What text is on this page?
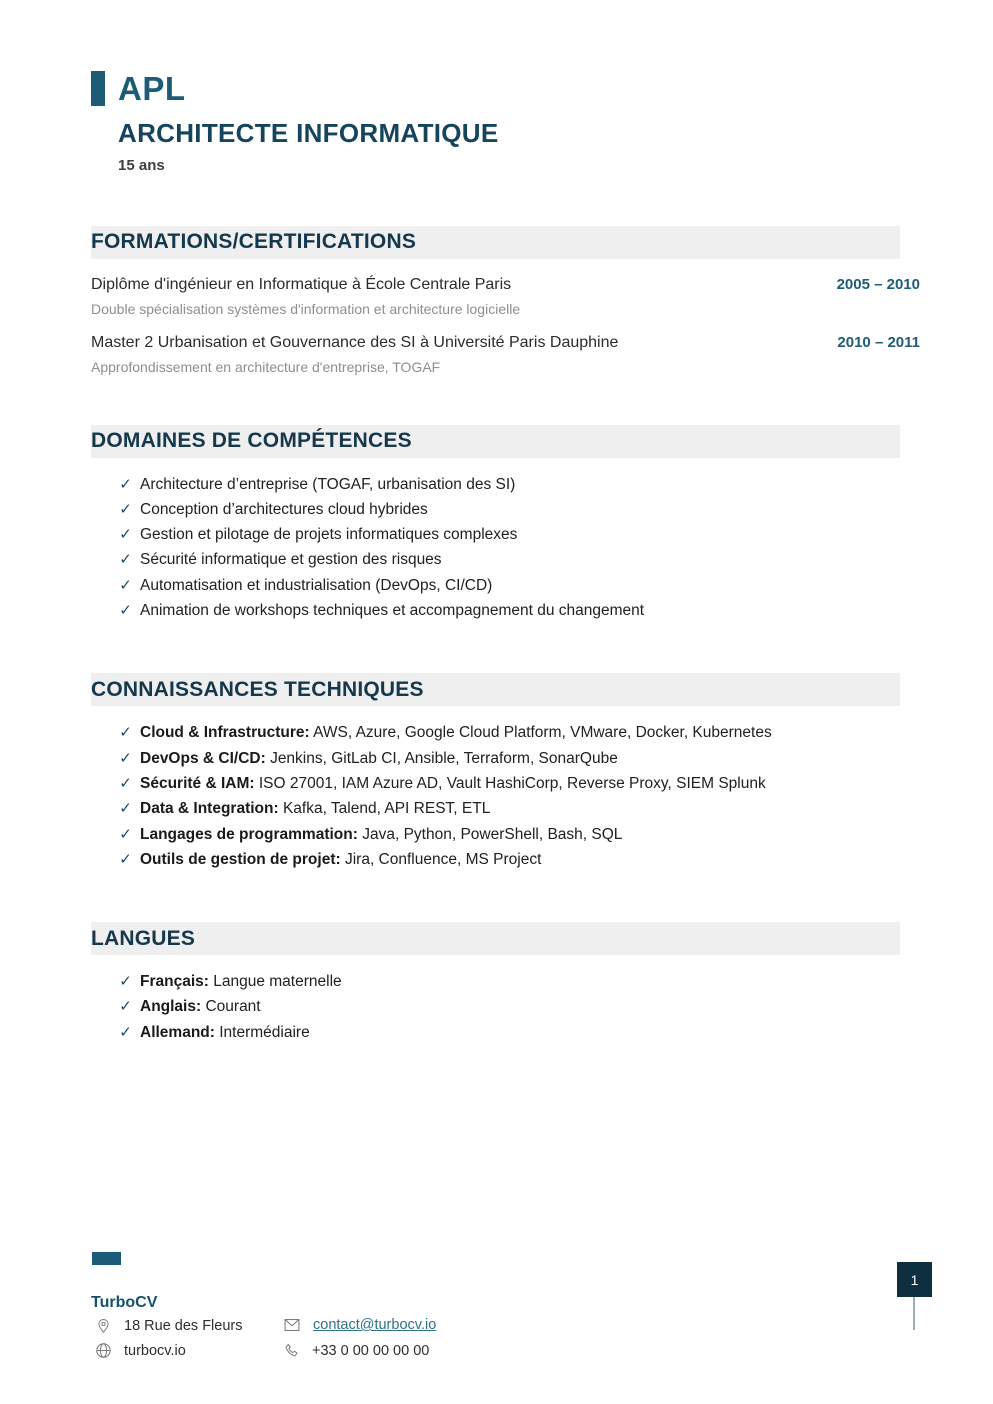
APL
ARCHITECTE INFORMATIQUE
15 ans
FORMATIONS/CERTIFICATIONS
Diplôme d'ingénieur en Informatique à École Centrale Paris	2005 – 2010
Double spécialisation systèmes d'information et architecture logicielle
Master 2 Urbanisation et Gouvernance des SI à Université Paris Dauphine	2010 – 2011
Approfondissement en architecture d'entreprise, TOGAF
DOMAINES DE COMPÉTENCES
✓ Architecture d’entreprise (TOGAF, urbanisation des SI)
✓ Conception d’architectures cloud hybrides
✓ Gestion et pilotage de projets informatiques complexes
✓ Sécurité informatique et gestion des risques
✓ Automatisation et industrialisation (DevOps, CI/CD)
✓ Animation de workshops techniques et accompagnement du changement
CONNAISSANCES TECHNIQUES
✓ Cloud & Infrastructure: AWS, Azure, Google Cloud Platform, VMware, Docker, Kubernetes
✓ DevOps & CI/CD: Jenkins, GitLab CI, Ansible, Terraform, SonarQube
✓ Sécurité & IAM: ISO 27001, IAM Azure AD, Vault HashiCorp, Reverse Proxy, SIEM Splunk
✓ Data & Integration: Kafka, Talend, API REST, ETL
✓ Langages de programmation: Java, Python, PowerShell, Bash, SQL
✓ Outils de gestion de projet: Jira, Confluence, MS Project
LANGUES
✓ Français: Langue maternelle
✓ Anglais: Courant
✓ Allemand: Intermédiaire
TurboCV
18 Rue des Fleurs
turbocv.io
contact@turbocv.io
+33 0 00 00 00 00
1
